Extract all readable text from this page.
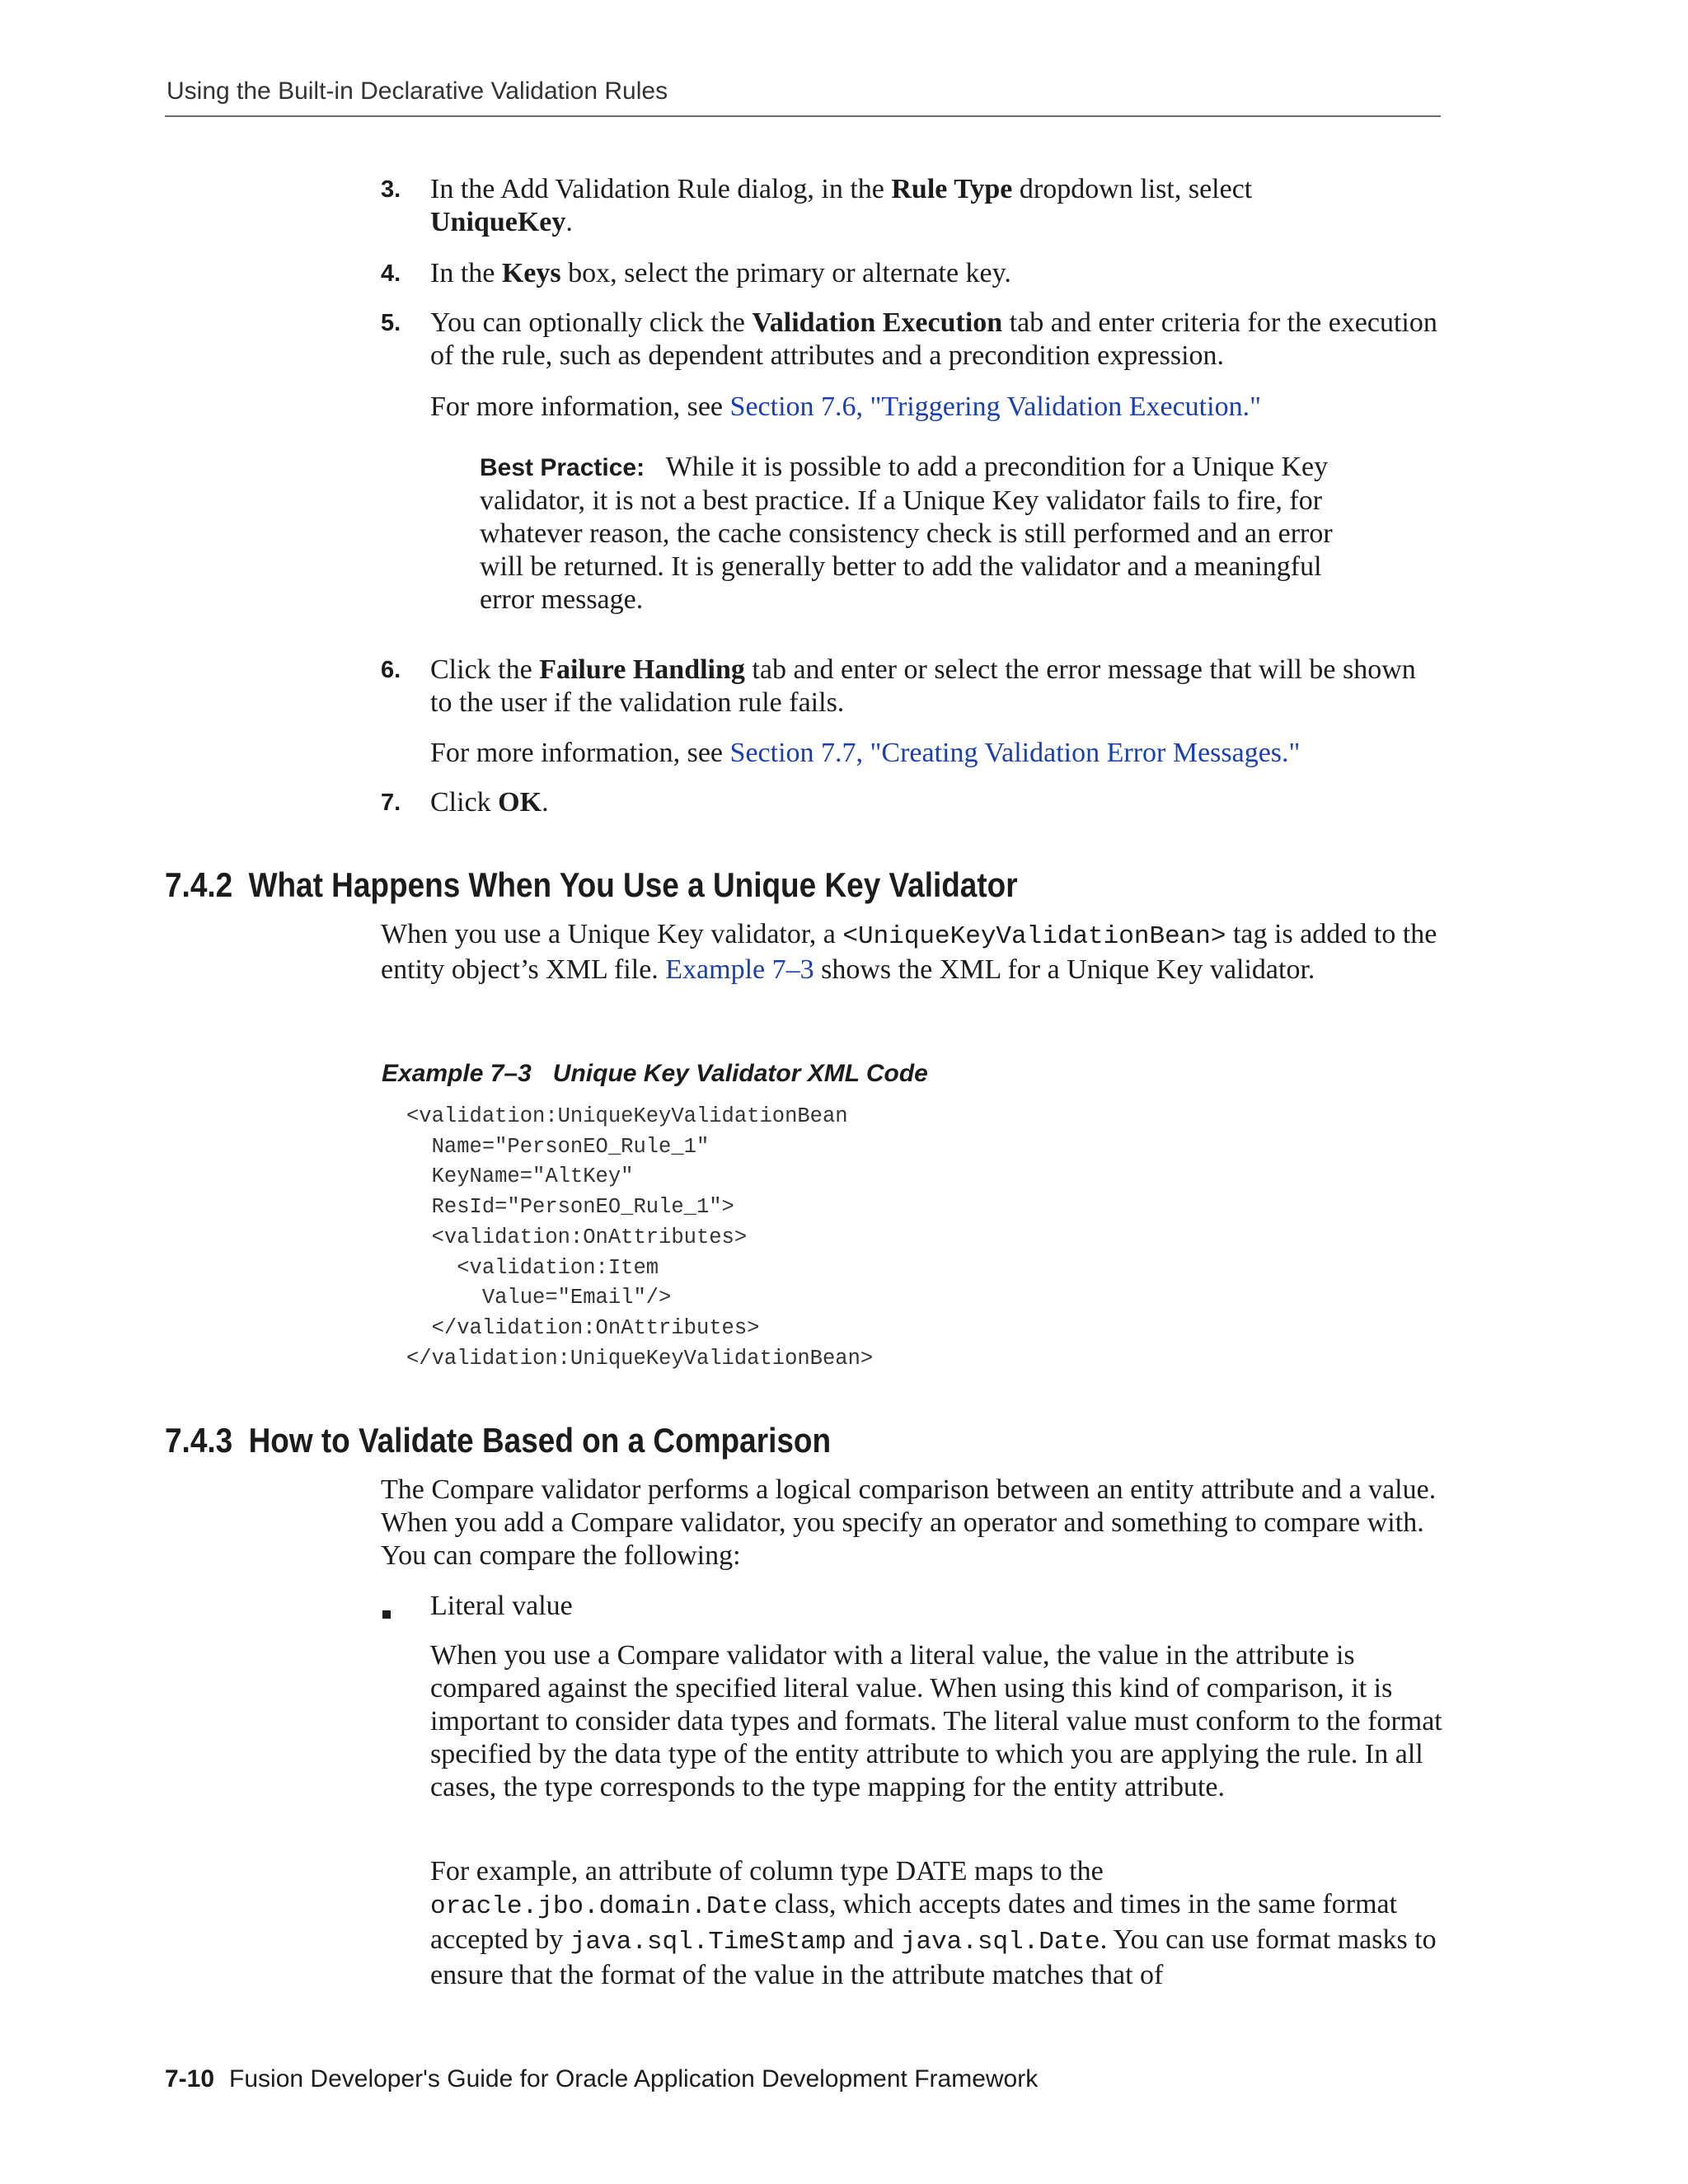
Using the Built-in Declarative Validation Rules
3.	In the Add Validation Rule dialog, in the Rule Type dropdown list, select
UniqueKey.
4.	In the Keys box, select the primary or alternate key.
5.	You can optionally click the Validation Execution tab and enter criteria for the execution of the rule, such as dependent attributes and a precondition expression.
For more information, see Section 7.6, "Triggering Validation Execution."
Best Practice: While it is possible to add a precondition for a Unique Key validator, it is not a best practice. If a Unique Key validator fails to fire, for whatever reason, the cache consistency check is still performed and an error will be returned. It is generally better to add the validator and a meaningful error message.
6.	Click the Failure Handling tab and enter or select the error message that will be shown to the user if the validation rule fails.
For more information, see Section 7.7, "Creating Validation Error Messages."
7.	Click OK.
7.4.2 What Happens When You Use a Unique Key Validator
When you use a Unique Key validator, a <UniqueKeyValidationBean> tag is added to the entity object’s XML file. Example 7–3 shows the XML for a Unique Key validator.
Example 7–3 Unique Key Validator XML Code
<validation:UniqueKeyValidationBean
Name="PersonEO_Rule_1"
KeyName="AltKey"
ResId="PersonEO_Rule_1">
<validation:OnAttributes>
<validation:Item
Value="Email"/>
</validation:OnAttributes>
</validation:UniqueKeyValidationBean>
7.4.3 How to Validate Based on a Comparison
The Compare validator performs a logical comparison between an entity attribute and a value. When you add a Compare validator, you specify an operator and something to compare with. You can compare the following:
Literal value
When you use a Compare validator with a literal value, the value in the attribute is compared against the specified literal value. When using this kind of comparison, it is important to consider data types and formats. The literal value must conform to the format specified by the data type of the entity attribute to which you are applying the rule. In all cases, the type corresponds to the type mapping for the entity attribute.
For example, an attribute of column type DATE maps to the oracle.jbo.domain.Date class, which accepts dates and times in the same format accepted by java.sql.TimeStamp and java.sql.Date. You can use format masks to ensure that the format of the value in the attribute matches that of
7-10 Fusion Developer's Guide for Oracle Application Development Framework
